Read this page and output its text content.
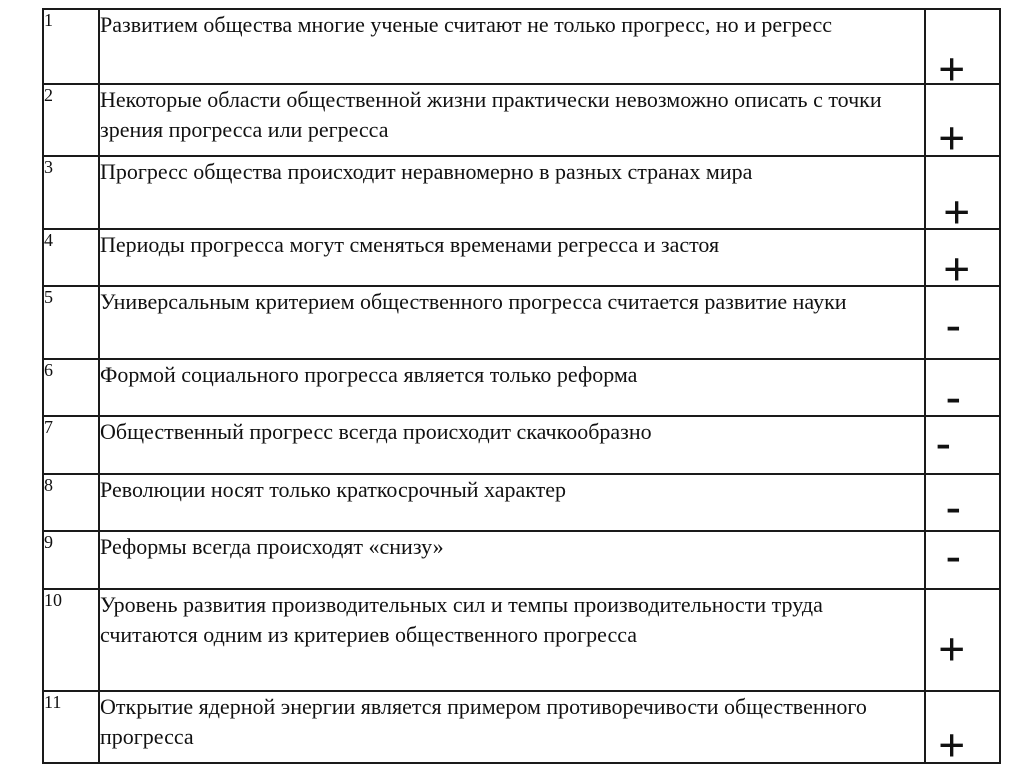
1	Развитием общества многие ученые считают не только прогресс, но и регресс	+

2	Некоторые области общественной жизни практически невозможно описать с точки зрения прогресса или регресса	+

3	Прогресс общества происходит неравномерно в разных странах мира	+

4	Периоды прогресса могут сменяться временами регресса и застоя	+

5	Универсальным критерием общественного прогресса считается развитие науки	-

6	Формой социального прогресса является только реформа	-

7	Общественный прогресс всегда происходит скачкообразно	-

8	Революции носят только краткосрочный характер	-

9	Реформы всегда происходят «снизу»	-

10	Уровень развития производительных сил и темпы производительности труда считаются одним из критериев общественного прогресса	+

11	Открытие ядерной энергии является примером противоречивости общественного прогресса	+
